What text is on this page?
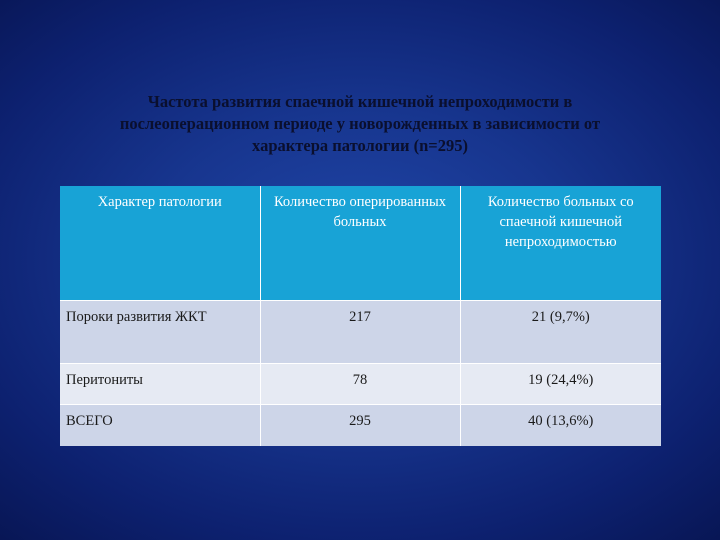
Частота развития спаечной кишечной непроходимости в
послеоперационном периоде у новорожденных в зависимости от
характера патологии (n=295)
Характер патологии	Количество оперированных больных	Количество больных со спаечной кишечной непроходимостью
Пороки развития ЖКТ	217	21 (9,7%)
Перитониты	78	19 (24,4%)
ВСЕГО	295	40 (13,6%)
